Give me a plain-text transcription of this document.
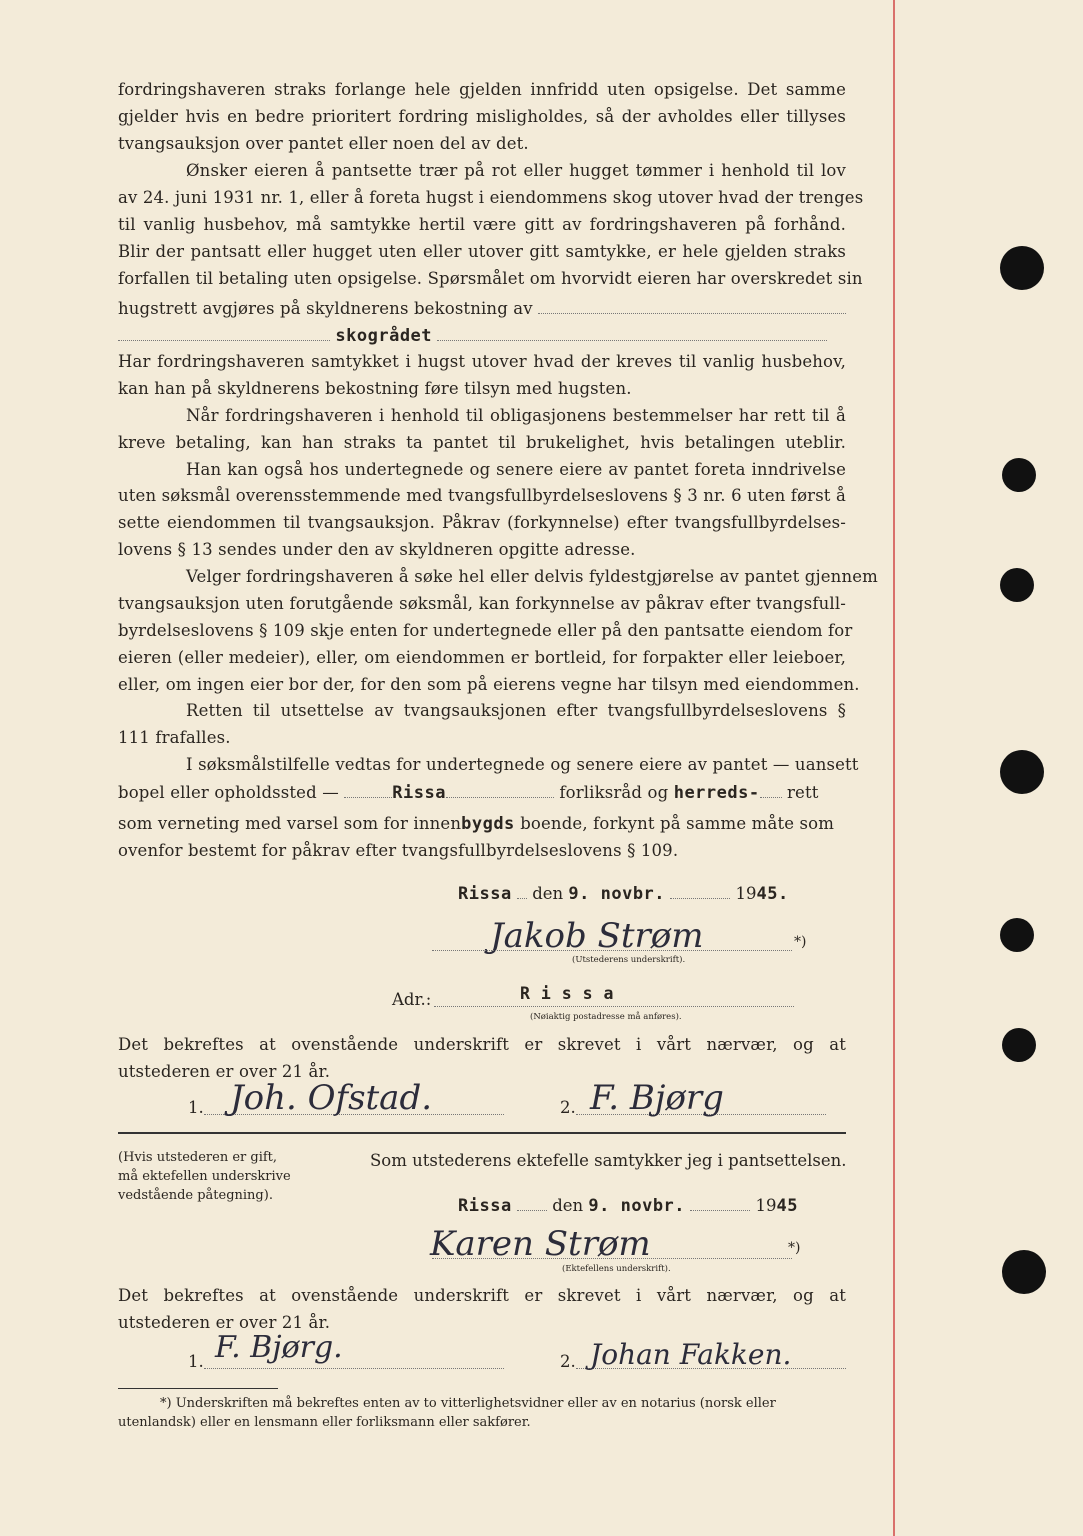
fordringshaveren straks forlange hele gjelden innfridd uten opsigelse. Det samme
gjelder hvis en bedre prioritert fordring misligholdes, så der avholdes eller tillyses
tvangsauksjon over pantet eller noen del av det.
Ønsker eieren å pantsette trær på rot eller hugget tømmer i henhold til lov
av 24. juni 1931 nr. 1, eller å foreta hugst i eiendommens skog utover hvad der trenges
til vanlig husbehov, må samtykke hertil være gitt av fordringshaveren på forhånd.
Blir der pantsatt eller hugget uten eller utover gitt samtykke, er hele gjelden straks
forfallen til betaling uten opsigelse. Spørsmålet om hvorvidt eieren har overskredet sin
hugstrett avgjøres på skyldnerens bekostning av
skogrådet
Har fordringshaveren samtykket i hugst utover hvad der kreves til vanlig husbehov,
kan han på skyldnerens bekostning føre tilsyn med hugsten.
Når fordringshaveren i henhold til obligasjonens bestemmelser har rett til å
kreve betaling, kan han straks ta pantet til brukelighet, hvis betalingen uteblir.
Han kan også hos undertegnede og senere eiere av pantet foreta inndrivelse
uten søksmål overensstemmende med tvangsfullbyrdelseslovens § 3 nr. 6 uten først å
sette eiendommen til tvangsauksjon. Påkrav (forkynnelse) efter tvangsfullbyrdelses-
lovens § 13 sendes under den av skyldneren opgitte adresse.
Velger fordringshaveren å søke hel eller delvis fyldestgjørelse av pantet gjennem
tvangsauksjon uten forutgående søksmål, kan forkynnelse av påkrav efter tvangsfull-
byrdelseslovens § 109 skje enten for undertegnede eller på den pantsatte eiendom for
eieren (eller medeier), eller, om eiendommen er bortleid, for forpakter eller leieboer,
eller, om ingen eier bor der, for den som på eierens vegne har tilsyn med eiendommen.
Retten til utsettelse av tvangsauksjonen efter tvangsfullbyrdelseslovens §
111 frafalles.
I søksmålstilfelle vedtas for undertegnede og senere eiere av pantet — uansett
bopel eller opholdssted —	Rissa	forliksråd og herreds- rett
som verneting med varsel som for innenbygds boende, forkynt på samme måte som
ovenfor bestemt for påkrav efter tvangsfullbyrdelseslovens § 109.
Rissa den 9. novbr.	1945.
Jakob Strøm	*)
(Utstederens underskrift).
Adr.:	R i s s a
(Nøiaktig postadresse må anføres).
Det bekreftes at ovenstående underskrift er skrevet i vårt nærvær, og at
utstederen er over 21 år.
1. Joh. Ofstad.	2. F. Bjørg
(Hvis utstederen er gift,
må ektefellen underskrive
vedstående påtegning).
Som utstederens ektefelle samtykker jeg i pantsettelsen.
Rissa den 9. novbr.	1945
Karen Strøm	*)
(Ektefellens underskrift).
Det bekreftes at ovenstående underskrift er skrevet i vårt nærvær, og at
utstederen er over 21 år.
1. F. Bjørg.	2. Johan Fakken.
*) Underskriften må bekreftes enten av to vitterlighetsvidner eller av en notarius (norsk eller
utenlandsk) eller en lensmann eller forliksmann eller sakfører.
